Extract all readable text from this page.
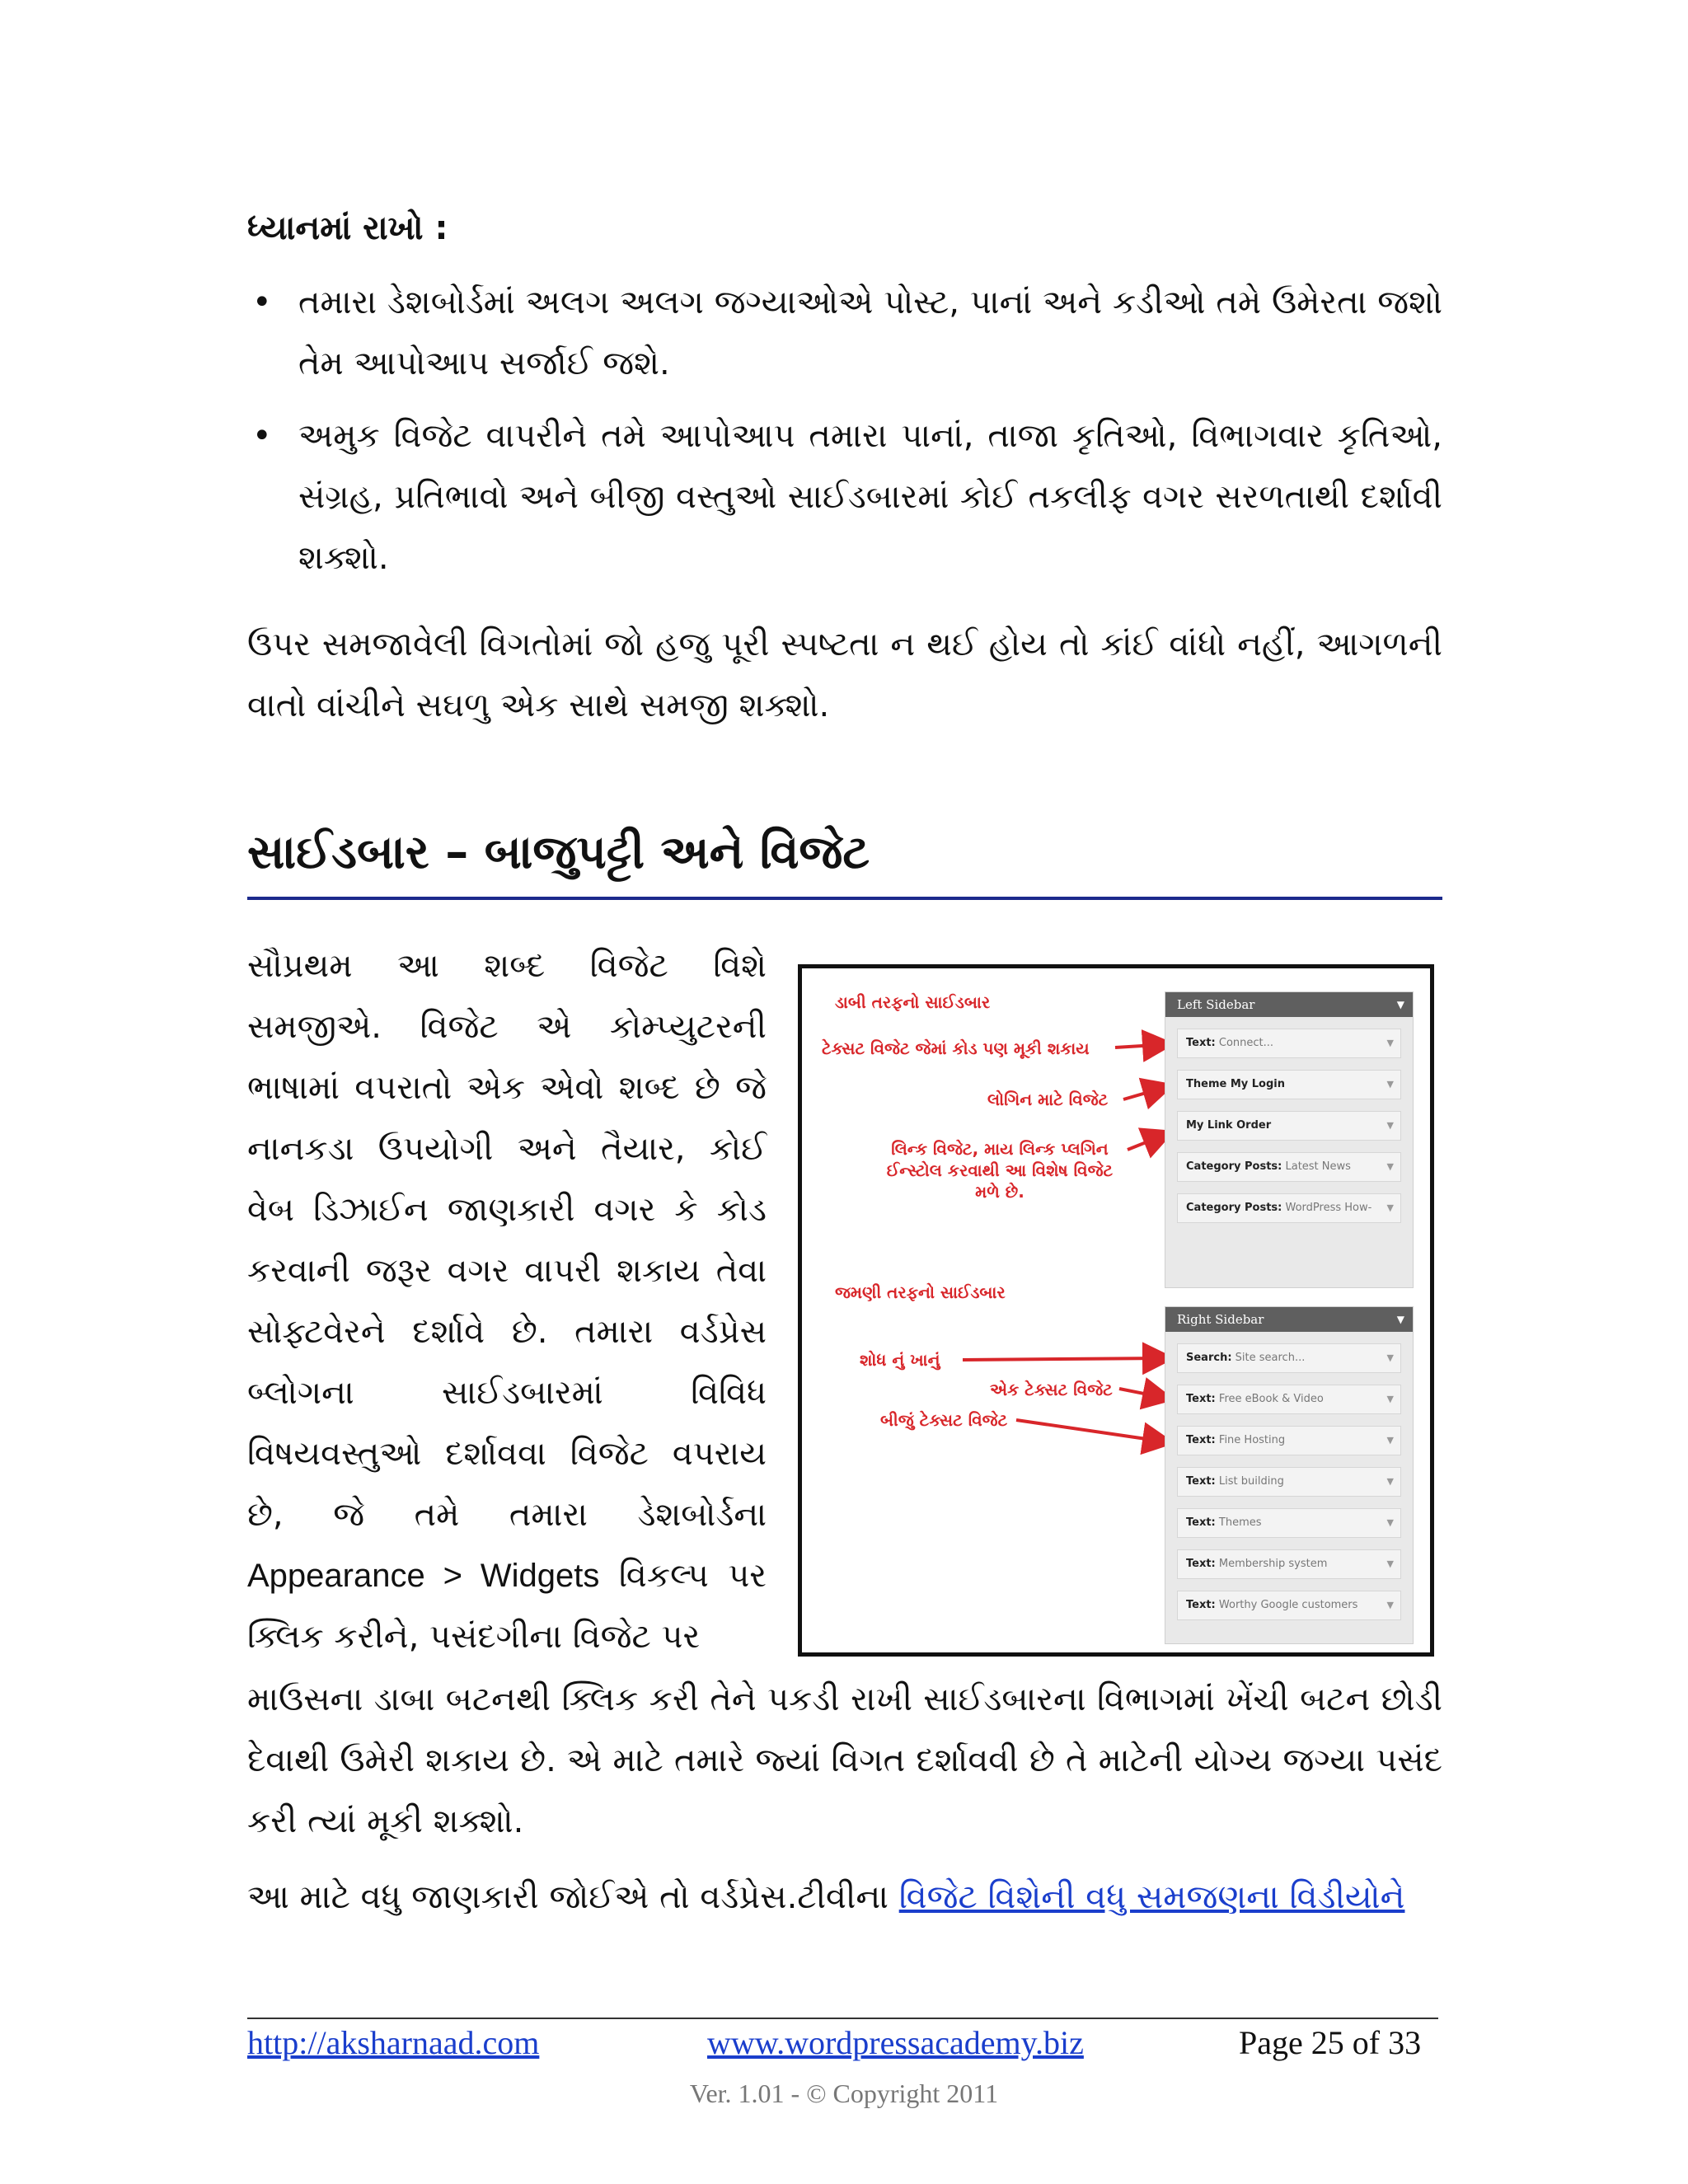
ધ્યાનમાં રાખો :
• તમારા ડેશબોર્ડમાં અલગ અલગ જગ્યાઓએ પોસ્ટ, પાનાં અને કડીઓ તમે ઉમેરતા જશો તેમ આપોઆપ સર્જાઈ જશે.
• અમુક વિજેટ વાપરીને તમે આપોઆપ તમારા પાનાં, તાજા કૃતિઓ, વિભાગવાર કૃતિઓ, સંગ્રહ, પ્રતિભાવો અને બીજી વસ્તુઓ સાઈડબારમાં કોઈ તકલીફ વગર સરળતાથી દર્શાવી શક્શો.
ઉપર સમજાવેલી વિગતોમાં જો હજુ પૂરી સ્પષ્ટતા ન થઈ હોય તો કાંઈ વાંધો નહીં, આગળની વાતો વાંચીને સઘળુ એક સાથે સમજી શક્શો.
સાઈડબાર – બાજુપટ્ટી અને વિજેટ
સૌપ્રથમ આ શબ્દ વિજેટ વિશે સમજીએ. વિજેટ એ કોમ્પ્યુટરની ભાષામાં વપરાતો એક એવો શબ્દ છે જે નાનકડા ઉપયોગી અને તૈયાર, કોઈ વેબ ડિઝાઈન જાણકારી વગર કે કોડ કરવાની જરૂર વગર વાપરી શકાય તેવા સોફ્ટવેરને દર્શાવે છે. તમારા વર્ડપ્રેસ બ્લોગના સાઈડબારમાં વિવિધ વિષયવસ્તુઓ દર્શાવવા વિજેટ વપરાય છે, જે તમે તમારા ડેશબોર્ડના Appearance > Widgets વિકલ્પ પર ક્લિક કરીને, પસંદગીના વિજેટ પર
ડાબી તરફનો સાઈડબાર
ટેક્સટ વિજેટ જેમાં કોડ પણ મૂકી શકાય
લોગિન માટે વિજેટ
લિન્ક વિજેટ, માય લિન્ક પ્લગિન ઈન્સ્ટોલ કરવાથી આ વિશેષ વિજેટ મળે છે.
જમણી તરફનો સાઈડબાર
શોધ નું ખાનું
એક ટેક્સટ વિજેટ
બીજું ટેક્સટ વિજેટ
Left Sidebar	▼
Text: Connect...	▼
Theme My Login	▼
My Link Order	▼
Category Posts: Latest News	▼
Category Posts: WordPress How- ▼
Right Sidebar	▼
Search: Site search...	▼
Text: Free eBook & Video	▼
Text: Fine Hosting	▼
Text: List building	▼
Text: Themes	▼
Text: Membership system	▼
Text: Worthy Google customers	▼
માઉસના ડાબા બટનથી ક્લિક કરી તેને પકડી રાખી સાઈડબારના વિભાગમાં ખેંચી બટન છોડી દેવાથી ઉમેરી શકાય છે. એ માટે તમારે જ્યાં વિગત દર્શાવવી છે તે માટેની યોગ્ય જગ્યા પસંદ કરી ત્યાં મૂકી શક્શો.
આ માટે વધુ જાણકારી જોઈએ તો વર્ડપ્રેસ.ટીવીના વિજેટ વિશેની વધુ સમજણના વિડીયોને
http://aksharnaad.com	www.wordpressacademy.biz	Page 25 of 33
Ver. 1.01 - © Copyright 2011
